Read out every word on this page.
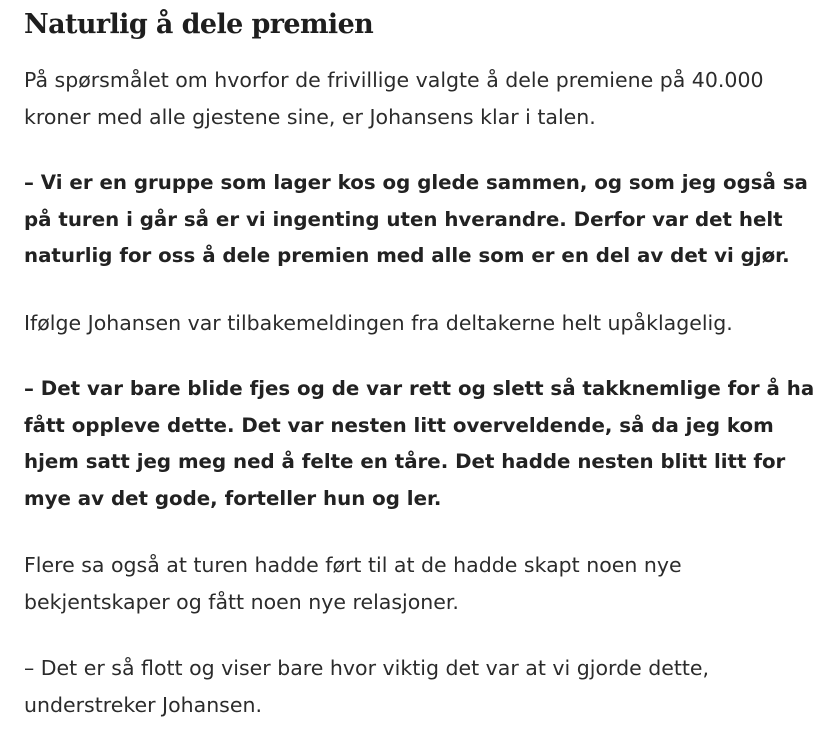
Naturlig å dele premien

På spørsmålet om hvorfor de frivillige valgte å dele premiene på 40.000
kroner med alle gjestene sine, er Johansens klar i talen.

– Vi er en gruppe som lager kos og glede sammen, og som jeg også sa
på turen i går så er vi ingenting uten hverandre. Derfor var det helt
naturlig for oss å dele premien med alle som er en del av det vi gjør.

Ifølge Johansen var tilbakemeldingen fra deltakerne helt upåklagelig.

– Det var bare blide fjes og de var rett og slett så takknemlige for å ha
fått oppleve dette. Det var nesten litt overveldende, så da jeg kom
hjem satt jeg meg ned å felte en tåre. Det hadde nesten blitt litt for
mye av det gode, forteller hun og ler.

Flere sa også at turen hadde ført til at de hadde skapt noen nye
bekjentskaper og fått noen nye relasjoner.

– Det er så flott og viser bare hvor viktig det var at vi gjorde dette,
understreker Johansen.
